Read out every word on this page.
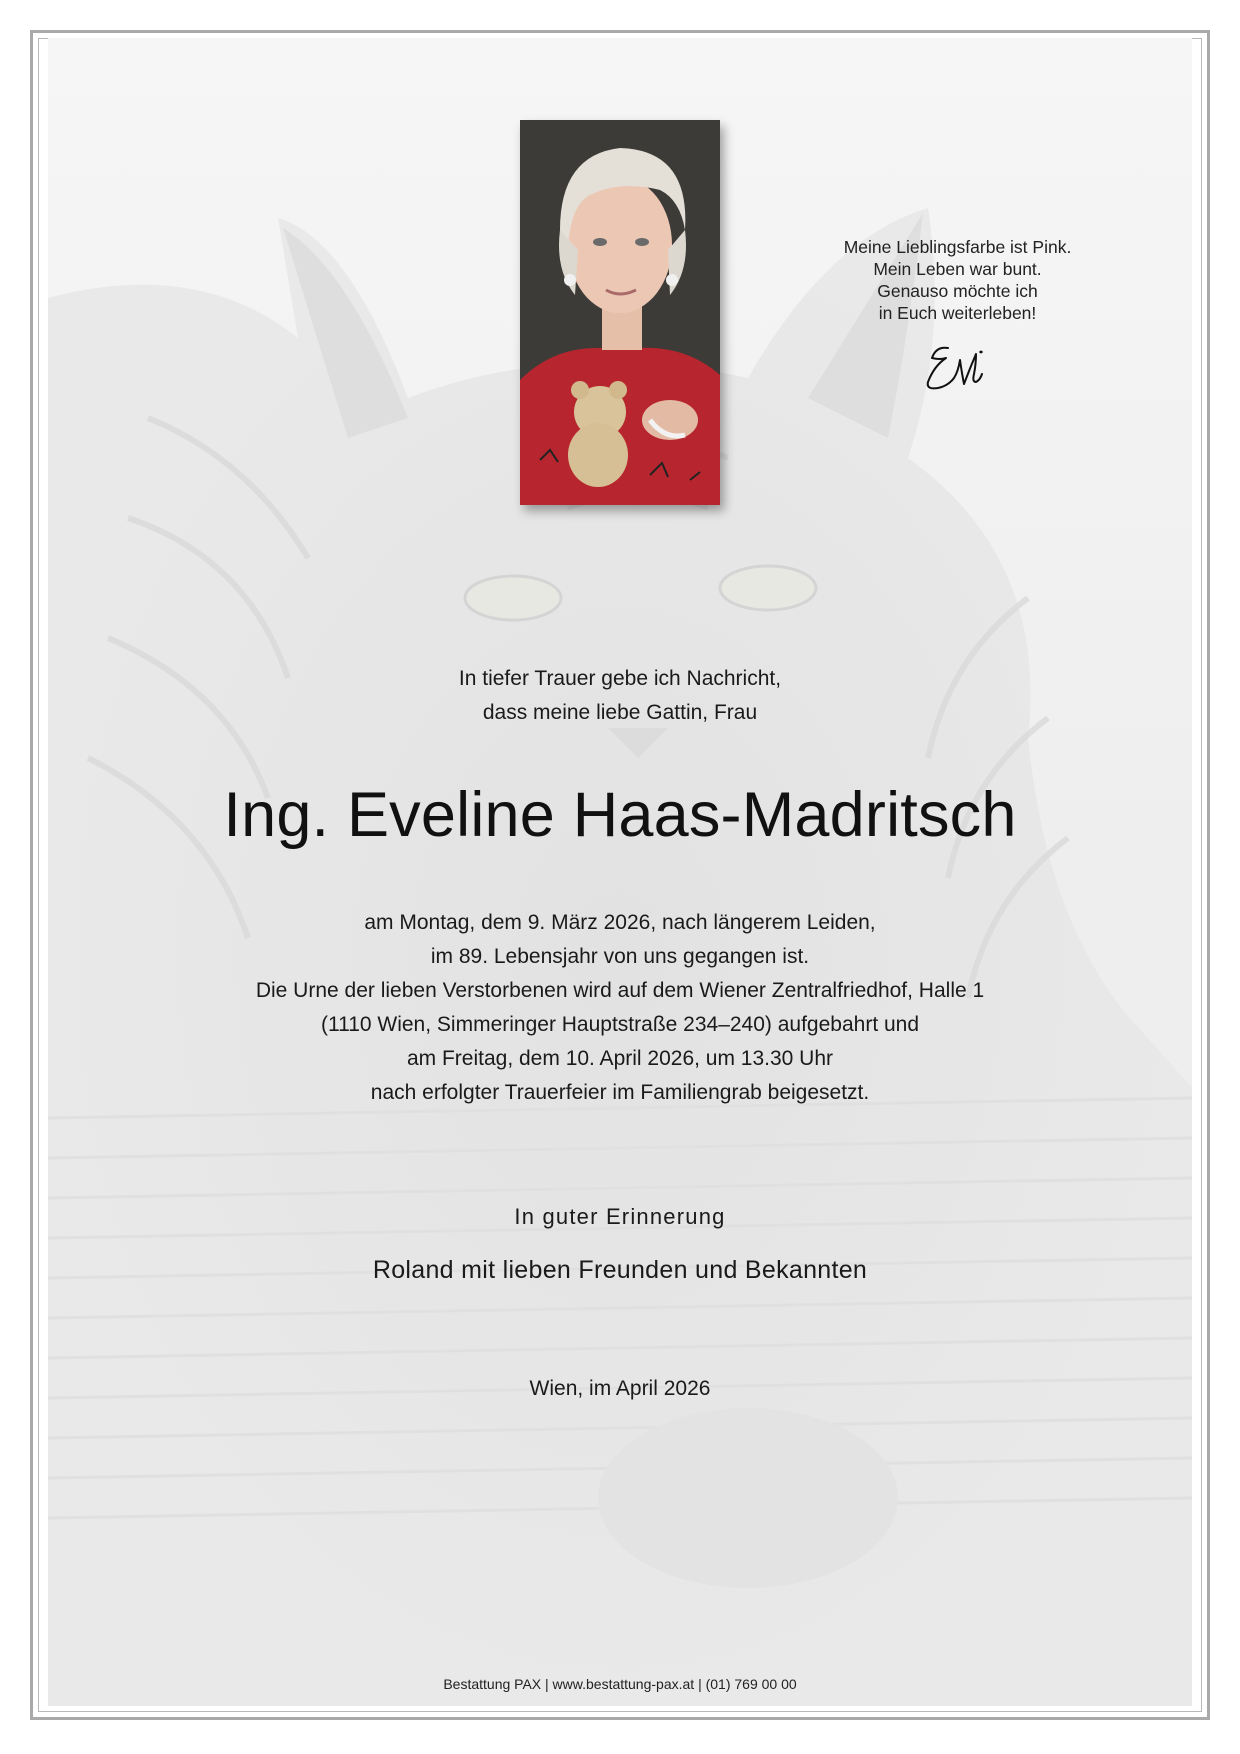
Meine Lieblingsfarbe ist Pink.
Mein Leben war bunt.
Genauso möchte ich
in Euch weiterleben!
In tiefer Trauer gebe ich Nachricht,
dass meine liebe Gattin, Frau
Ing. Eveline Haas-Madritsch
am Montag, dem 9. März 2026, nach längerem Leiden,
im 89. Lebensjahr von uns gegangen ist.
Die Urne der lieben Verstorbenen wird auf dem Wiener Zentralfriedhof, Halle 1
(1110 Wien, Simmeringer Hauptstraße 234–240) aufgebahrt und
am Freitag, dem 10. April 2026, um 13.30 Uhr
nach erfolgter Trauerfeier im Familiengrab beigesetzt.
In guter Erinnerung
Roland mit lieben Freunden und Bekannten
Wien, im April 2026
Bestattung PAX | www.bestattung-pax.at | (01) 769 00 00
